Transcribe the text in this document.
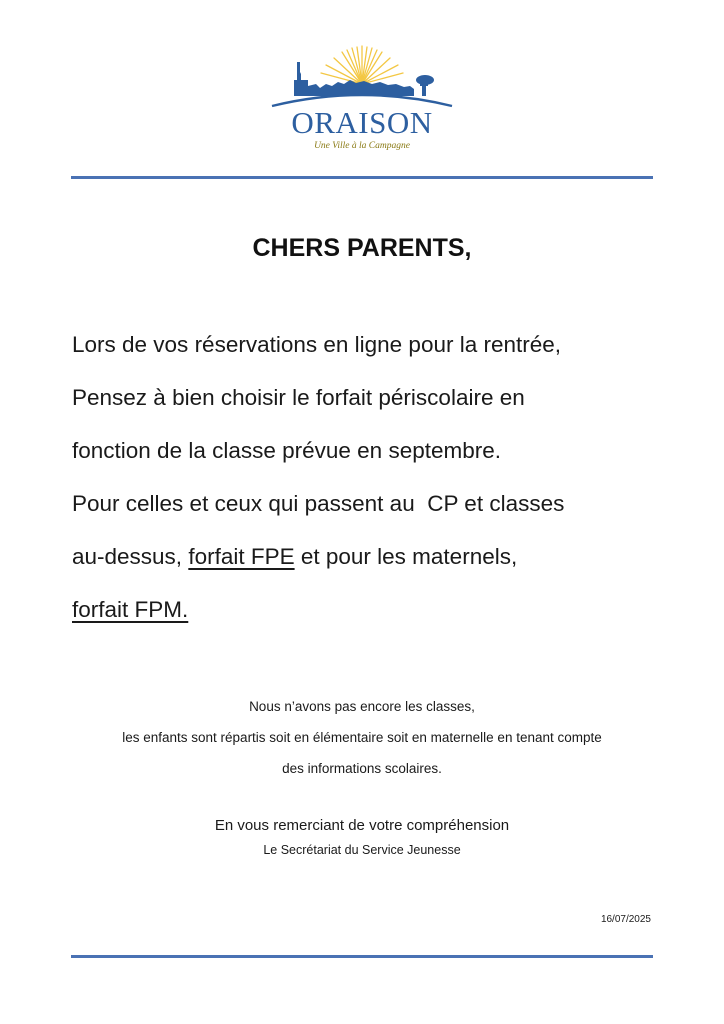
ORAISON
Une Ville à la Campagne
CHERS PARENTS,
Lors de vos réservations en ligne pour la rentrée,
Pensez à bien choisir le forfait périscolaire en
fonction de la classe prévue en septembre.
Pour celles et ceux qui passent au  CP et classes
au-dessus, forfait FPE et pour les maternels,
forfait FPM.
Nous n’avons pas encore les classes,
les enfants sont répartis soit en élémentaire soit en maternelle en tenant compte
des informations scolaires.
En vous remerciant de votre compréhension
Le Secrétariat du Service Jeunesse
16/07/2025
